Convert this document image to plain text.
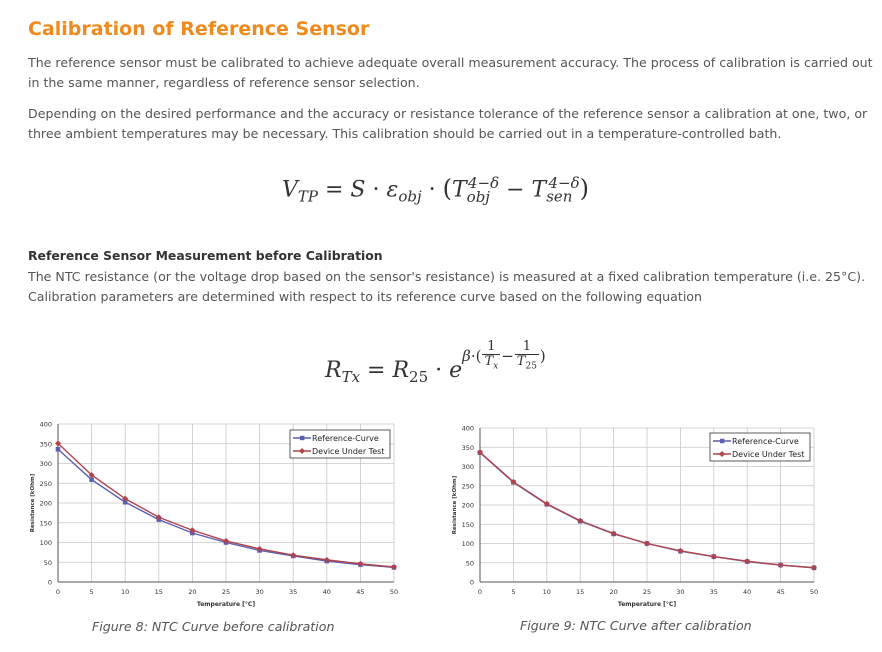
Calibration of Reference Sensor

The reference sensor must be calibrated to achieve adequate overall measurement accuracy. The process of calibration is carried out in the same manner, regardless of reference sensor selection.

Depending on the desired performance and the accuracy or resistance tolerance of the reference sensor a calibration at one, two, or three ambient temperatures may be necessary. This calibration should be carried out in a temperature-controlled bath.

$V_{TP} = S \cdot \varepsilon_{obj} \cdot (T_{obj}^{4-\delta} - T_{sen}^{4-\delta})$
Reference Sensor Measurement before Calibration

The NTC resistance (or the voltage drop based on the sensor's resistance) is measured at a fixed calibration temperature (i.e. 25°C). Calibration parameters are determined with respect to its reference curve based on the following equation

$R_{Tx} = R_{25} \cdot e\beta\cdot( \frac{1}{T_x} - \frac{1}{T_{25}}$ )
0	5	10	15	20	25	30	35	40	45	50
0
50
100
150
200
250
300
350
400
Temperature [°C]
Resistance [kOhm]
Reference-Curve
Device Under Test
0	5	10	15	20	25	30	35	40	45	50
0
50
100
150
200
250
300
350
400
Temperature [°C]
Resistance [kOhm]
Reference-Curve
Device Under Test

Figure 8: NTC Curve before calibration	Figure 9: NTC Curve after calibration
